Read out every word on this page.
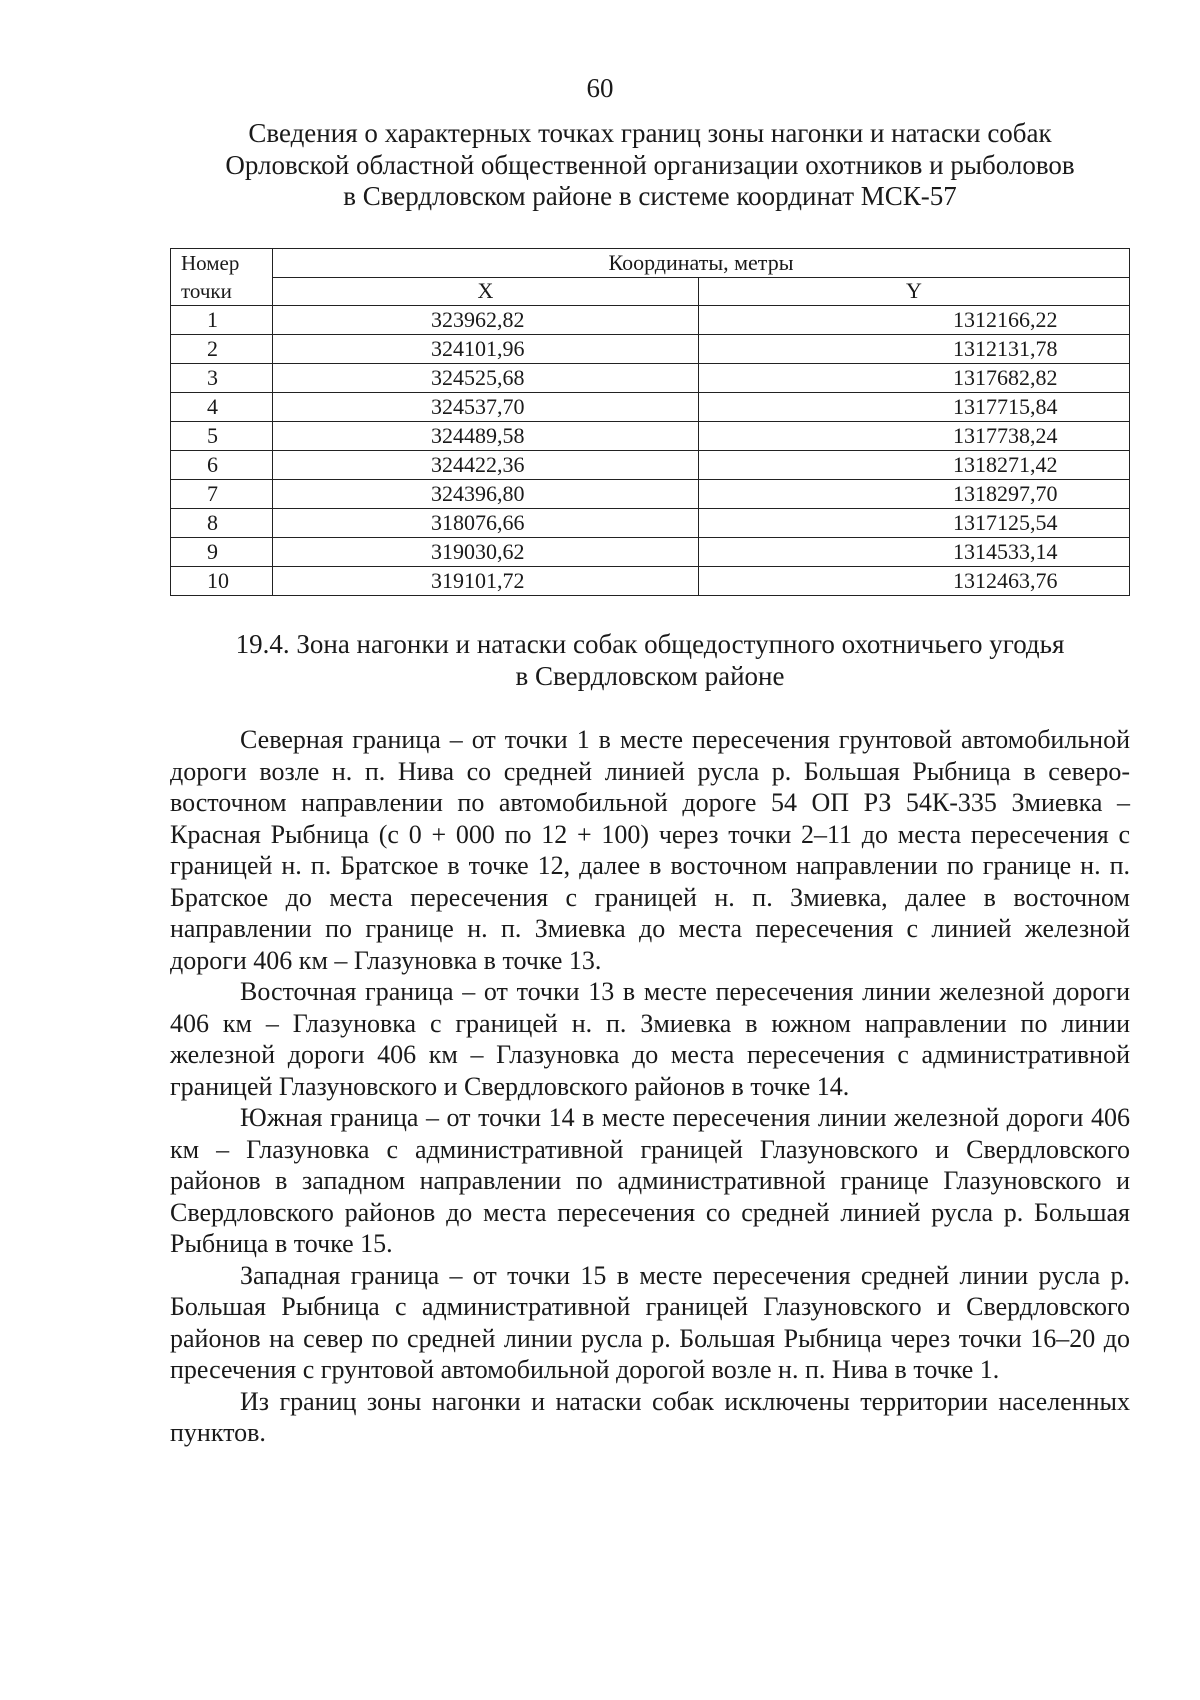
60
Сведения о характерных точках границ зоны нагонки и натаски собак
Орловской областной общественной организации охотников и рыболовов
в Свердловском районе в системе координат МСК-57
Номер
точки	Координаты, метры	
	X	Y
1	323962,82	1312166,22
2	324101,96	1312131,78
3	324525,68	1317682,82
4	324537,70	1317715,84
5	324489,58	1317738,24
6	324422,36	1318271,42
7	324396,80	1318297,70
8	318076,66	1317125,54
9	319030,62	1314533,14
10	319101,72	1312463,76
19.4. Зона нагонки и натаски собак общедоступного охотничьего угодья
в Свердловском районе

Северная граница – от точки 1 в месте пересечения грунтовой автомобильной дороги возле н. п. Нива со средней линией русла р. Большая Рыбница в северо-восточном направлении по автомобильной дороге 54 ОП РЗ 54К-335 Змиевка – Красная Рыбница (с 0 + 000 по 12 + 100) через точки 2–11 до места пересечения с границей н. п. Братское в точке 12, далее в восточном направлении по границе н. п. Братское до места пересечения с границей н. п. Змиевка, далее в восточном направлении по границе н. п. Змиевка до места пересечения с линией железной дороги 406 км – Глазуновка в точке 13.

Восточная граница – от точки 13 в месте пересечения линии железной дороги 406 км – Глазуновка с границей н. п. Змиевка в южном направлении по линии железной дороги 406 км – Глазуновка до места пересечения с административной границей Глазуновского и Свердловского районов в точке 14.

Южная граница – от точки 14 в месте пересечения линии железной дороги 406 км – Глазуновка с административной границей Глазуновского и Свердловского районов в западном направлении по административной границе Глазуновского и Свердловского районов до места пересечения со средней линией русла р. Большая Рыбница в точке 15.

Западная граница – от точки 15 в месте пересечения средней линии русла р. Большая Рыбница с административной границей Глазуновского и Свердловского районов на север по средней линии русла р. Большая Рыбница через точки 16–20 до пресечения с грунтовой автомобильной дорогой возле н. п. Нива в точке 1.

Из границ зоны нагонки и натаски собак исключены территории населенных пунктов.
